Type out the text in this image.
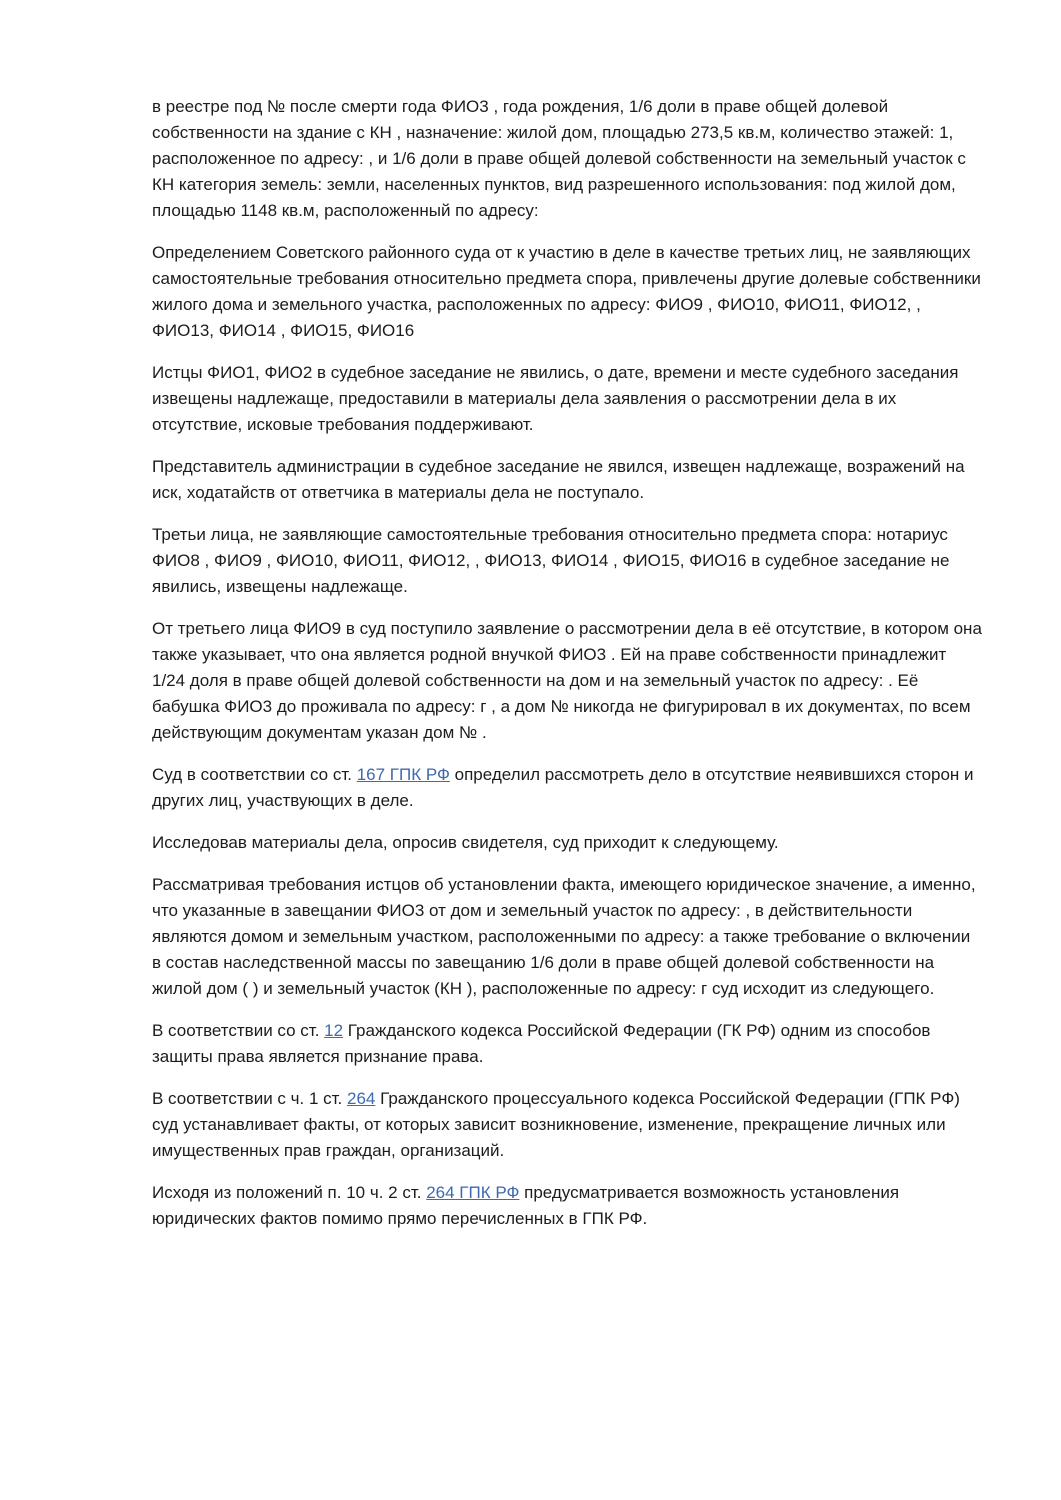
в реестре под № после смерти года ФИО3 , года рождения, 1/6 доли в праве общей долевой собственности на здание с КН , назначение: жилой дом, площадью 273,5 кв.м, количество этажей: 1, расположенное по адресу: , и 1/6 доли в праве общей долевой собственности на земельный участок с КН категория земель: земли, населенных пунктов, вид разрешенного использования: под жилой дом, площадью 1148 кв.м, расположенный по адресу:

Определением Советского районного суда от к участию в деле в качестве третьих лиц, не заявляющих самостоятельные требования относительно предмета спора, привлечены другие долевые собственники жилого дома и земельного участка, расположенных по адресу: ФИО9 , ФИО10, ФИО11, ФИО12, , ФИО13, ФИО14 , ФИО15, ФИО16

Истцы ФИО1, ФИО2 в судебное заседание не явились, о дате, времени и месте судебного заседания извещены надлежаще, предоставили в материалы дела заявления о рассмотрении дела в их отсутствие, исковые требования поддерживают.

Представитель администрации в судебное заседание не явился, извещен надлежаще, возражений на иск, ходатайств от ответчика в материалы дела не поступало.

Третьи лица, не заявляющие самостоятельные требования относительно предмета спора: нотариус ФИО8 , ФИО9 , ФИО10, ФИО11, ФИО12, , ФИО13, ФИО14 , ФИО15, ФИО16 в судебное заседание не явились, извещены надлежаще.

От третьего лица ФИО9 в суд поступило заявление о рассмотрении дела в её отсутствие, в котором она также указывает, что она является родной внучкой ФИО3 . Ей на праве собственности принадлежит 1/24 доля в праве общей долевой собственности на дом и на земельный участок по адресу: . Её бабушка ФИО3 до проживала по адресу: г , а дом № никогда не фигурировал в их документах, по всем действующим документам указан дом № .

Суд в соответствии со ст. 167 ГПК РФ определил рассмотреть дело в отсутствие неявившихся сторон и других лиц, участвующих в деле.

Исследовав материалы дела, опросив свидетеля, суд приходит к следующему.

Рассматривая требования истцов об установлении факта, имеющего юридическое значение, а именно, что указанные в завещании ФИО3 от дом и земельный участок по адресу: , в действительности являются домом и земельным участком, расположенными по адресу: а также требование о включении в состав наследственной массы по завещанию 1/6 доли в праве общей долевой собственности на жилой дом ( ) и земельный участок (КН ), расположенные по адресу: г суд исходит из следующего.

В соответствии со ст. 12 Гражданского кодекса Российской Федерации (ГК РФ) одним из способов защиты права является признание права.

В соответствии с ч. 1 ст. 264 Гражданского процессуального кодекса Российской Федерации (ГПК РФ) суд устанавливает факты, от которых зависит возникновение, изменение, прекращение личных или имущественных прав граждан, организаций.

Исходя из положений п. 10 ч. 2 ст. 264 ГПК РФ предусматривается возможность установления юридических фактов помимо прямо перечисленных в ГПК РФ.
